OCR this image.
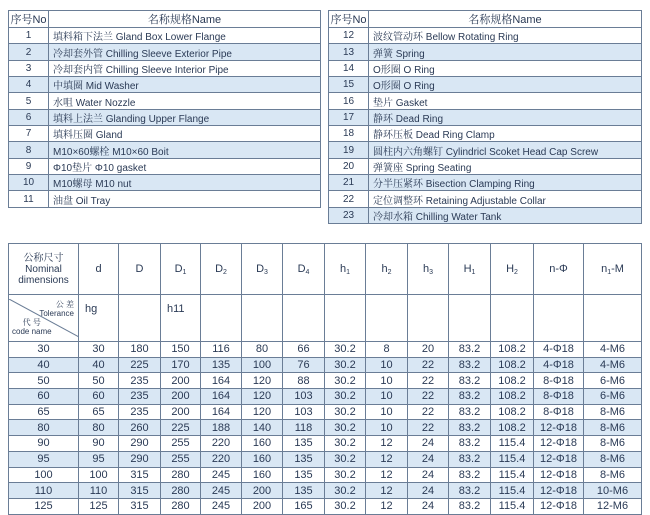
序号No	名称规格Name
1	填料箱下法兰 Gland Box Lower Flange
2	冷却套外管 Chilling Sleeve Exterior Pipe
3	冷却套内管 Chilling Sleeve Interior Pipe
4	中填圈 Mid Washer
5	水咀 Water Nozzle
6	填料上法兰 Glanding Upper Flange
7	填料压圈 Gland
8	M10×60螺栓 M10×60 Boit
9	Φ10垫片 Φ10 gasket
10	M10螺母 M10 nut
11	油盘 Oil Tray
序号No	名称规格Name
12	波纹管动环 Bellow Rotating Ring
13	弹簧 Spring
14	O形圈 O Ring
15	O形圈 O Ring
16	垫片 Gasket
17	静环 Dead Ring
18	静环压板 Dead Ring Clamp
19	圆柱内六角螺钉 Cylindricl Scoket Head Cap Screw
20	弹簧座 Spring Seating
21	分半压紧环 Bisection Clamping Ring
22	定位调整环 Retaining Adjustable Collar
23	冷却水箱 Chilling Water Tank
公称尺寸
Nominal
dimensions	d	D	$D_1$	$D_2$	$D_3$	$D_4$	$h_1$	$h_2$	$h_3$	$H_1$	$H_2$	n-Φ	$n_1-M$

公 差
Tolerance
代 号
code name	hg		h11										
30	30	180	150	116	80	66	30.2	8	20	83.2	108.2	4-Φ18	4-M6
40	40	225	170	135	100	76	30.2	10	22	83.2	108.2	4-Φ18	4-M6
50	50	235	200	164	120	88	30.2	10	22	83.2	108.2	8-Φ18	6-M6
60	60	235	200	164	120	103	30.2	10	22	83.2	108.2	8-Φ18	6-M6
65	65	235	200	164	120	103	30.2	10	22	83.2	108.2	8-Φ18	8-M6
80	80	260	225	188	140	118	30.2	10	22	83.2	108.2	12-Φ18	8-M6
90	90	290	255	220	160	135	30.2	12	24	83.2	115.4	12-Φ18	8-M6
95	95	290	255	220	160	135	30.2	12	24	83.2	115.4	12-Φ18	8-M6
100	100	315	280	245	160	135	30.2	12	24	83.2	115.4	12-Φ18	8-M6
110	110	315	280	245	200	135	30.2	12	24	83.2	115.4	12-Φ18	10-M6
125	125	315	280	245	200	165	30.2	12	24	83.2	115.4	12-Φ18	12-M6
